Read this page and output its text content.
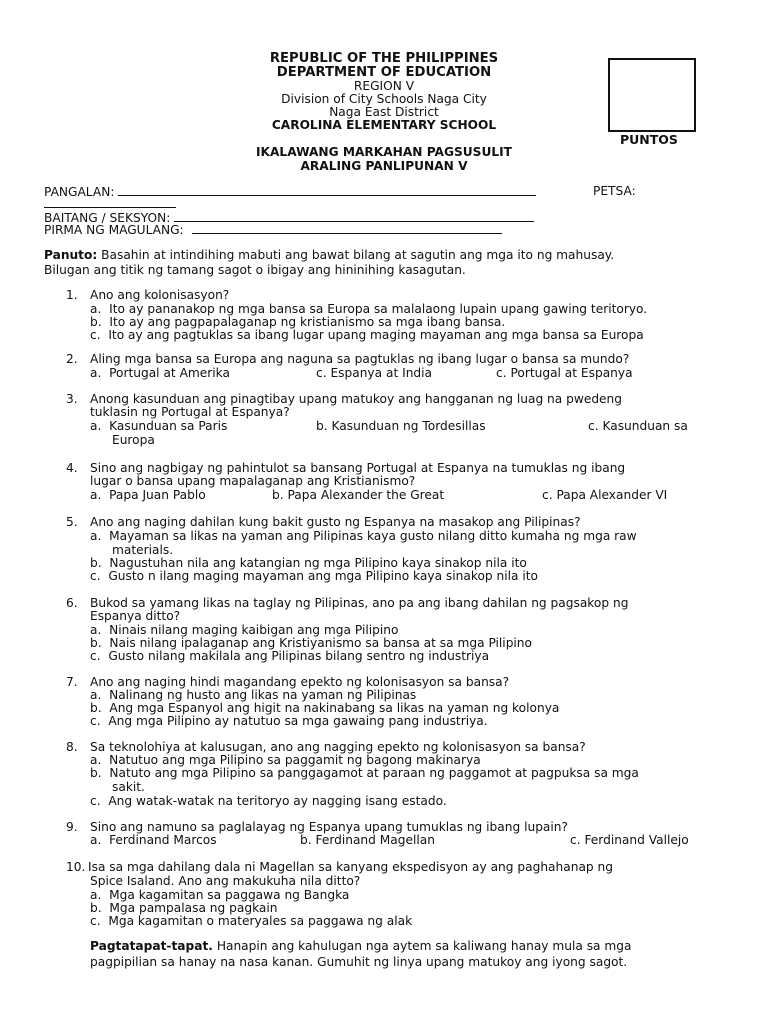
REPUBLIC OF THE PHILIPPINES
DEPARTMENT OF EDUCATION
REGION V
Division of City Schools Naga City
Naga East District
CAROLINA ELEMENTARY SCHOOL
IKALAWANG MARKAHAN PAGSUSULIT
ARALING PANLIPUNAN V
PUNTOS
PANGALAN:	PETSA:
BAITANG / SEKSYON:
PIRMA NG MAGULANG:
Panuto: Basahin at intindihing mabuti ang bawat bilang at sagutin ang mga ito ng mahusay.
Bilugan ang titik ng tamang sagot o ibigay ang hininihing kasagutan.
1. Ano ang kolonisasyon?
a. Ito ay pananakop ng mga bansa sa Europa sa malalaong lupain upang gawing teritoryo.
b. Ito ay ang pagpapalaganap ng kristianismo sa mga ibang bansa.
c. Ito ay ang pagtuklas sa ibang lugar upang maging mayaman ang mga bansa sa Europa
2. Aling mga bansa sa Europa ang naguna sa pagtuklas ng ibang lugar o bansa sa mundo?
a. Portugal at Amerika	c. Espanya at India	c. Portugal at Espanya
3. Anong kasunduan ang pinagtibay upang matukoy ang hangganan ng luag na pwedeng
tuklasin ng Portugal at Espanya?
a. Kasunduan sa Paris	b. Kasunduan ng Tordesillas	c. Kasunduan sa
Europa
4. Sino ang nagbigay ng pahintulot sa bansang Portugal at Espanya na tumuklas ng ibang
lugar o bansa upang mapalaganap ang Kristianismo?
a. Papa Juan Pablo	b. Papa Alexander the Great	c. Papa Alexander VI
5. Ano ang naging dahilan kung bakit gusto ng Espanya na masakop ang Pilipinas?
a. Mayaman sa likas na yaman ang Pilipinas kaya gusto nilang ditto kumaha ng mga raw
materials.
b. Nagustuhan nila ang katangian ng mga Pilipino kaya sinakop nila ito
c. Gusto n ilang maging mayaman ang mga Pilipino kaya sinakop nila ito
6. Bukod sa yamang likas na taglay ng Pilipinas, ano pa ang ibang dahilan ng pagsakop ng
Espanya ditto?
a. Ninais nilang maging kaibigan ang mga Pilipino
b. Nais nilang ipalaganap ang Kristiyanismo sa bansa at sa mga Pilipino
c. Gusto nilang makilala ang Pilipinas bilang sentro ng industriya
7. Ano ang naging hindi magandang epekto ng kolonisasyon sa bansa?
a. Nalinang ng husto ang likas na yaman ng Pilipinas
b. Ang mga Espanyol ang higit na nakinabang sa likas na yaman ng kolonya
c. Ang mga Pilipino ay natutuo sa mga gawaing pang industriya.
8. Sa teknolohiya at kalusugan, ano ang nagging epekto ng kolonisasyon sa bansa?
a. Natutuo ang mga Pilipino sa paggamit ng bagong makinarya
b. Natuto ang mga Pilipino sa panggagamot at paraan ng paggamot at pagpuksa sa mga
sakit.
c. Ang watak-watak na teritoryo ay nagging isang estado.
9. Sino ang namuno sa paglalayag ng Espanya upang tumuklas ng ibang lupain?
a. Ferdinand Marcos	b. Ferdinand Magellan	c. Ferdinand Vallejo
10. Isa sa mga dahilang dala ni Magellan sa kanyang ekspedisyon ay ang paghahanap ng
Spice Isaland. Ano ang makukuha nila ditto?
a. Mga kagamitan sa paggawa ng Bangka
b. Mga pampalasa ng pagkain
c. Mga kagamitan o materyales sa paggawa ng alak
Pagtatapat-tapat. Hanapin ang kahulugan nga aytem sa kaliwang hanay mula sa mga
pagpipilian sa hanay na nasa kanan. Gumuhit ng linya upang matukoy ang iyong sagot.
